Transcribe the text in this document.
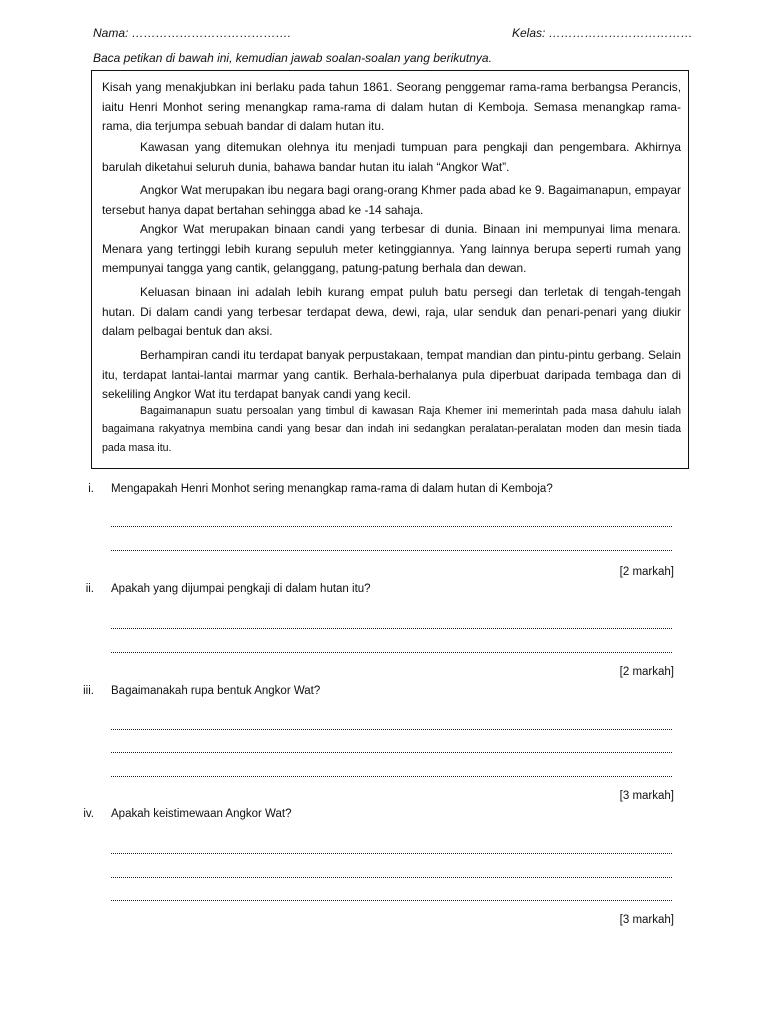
Nama: ………………………………….	Kelas: ………………………………
Baca petikan di bawah ini, kemudian jawab soalan-soalan yang berikutnya.

Kisah yang menakjubkan ini berlaku pada tahun 1861. Seorang penggemar rama-rama berbangsa Perancis, iaitu Henri Monhot sering menangkap rama-rama di dalam hutan di Kemboja. Semasa menangkap rama-rama, dia terjumpa sebuah bandar di dalam hutan itu.

Kawasan yang ditemukan olehnya itu menjadi tumpuan para pengkaji dan pengembara. Akhirnya barulah diketahui seluruh dunia, bahawa bandar hutan itu ialah “Angkor Wat”.

Angkor Wat merupakan ibu negara bagi orang-orang Khmer pada abad ke 9. Bagaimanapun, empayar tersebut hanya dapat bertahan sehingga abad ke -14 sahaja.

Angkor Wat merupakan binaan candi yang terbesar di dunia. Binaan ini mempunyai lima menara. Menara yang tertinggi lebih kurang sepuluh meter ketinggiannya. Yang lainnya berupa seperti rumah yang mempunyai tangga yang cantik, gelanggang, patung-patung berhala dan dewan.

Keluasan binaan ini adalah lebih kurang empat puluh batu persegi dan terletak di tengah-tengah hutan. Di dalam candi yang terbesar terdapat dewa, dewi, raja, ular senduk dan penari-penari yang diukir dalam pelbagai bentuk dan aksi.

Berhampiran candi itu terdapat banyak perpustakaan, tempat mandian dan pintu-pintu gerbang. Selain itu, terdapat lantai-lantai marmar yang cantik. Berhala-berhalanya pula diperbuat daripada tembaga dan di sekeliling Angkor Wat itu terdapat banyak candi yang kecil.

Bagaimanapun suatu persoalan yang timbul di kawasan Raja Khemer ini memerintah pada masa dahulu ialah bagaimana rakyatnya membina candi yang besar dan indah ini sedangkan peralatan-peralatan moden dan mesin tiada pada masa itu.

i. Mengapakah Henri Monhot sering menangkap rama-rama di dalam hutan di Kemboja?
[2 markah]
ii. Apakah yang dijumpai pengkaji di dalam hutan itu?
[2 markah]
iii. Bagaimanakah rupa bentuk Angkor Wat?
[3 markah]
iv. Apakah keistimewaan Angkor Wat?
[3 markah]
